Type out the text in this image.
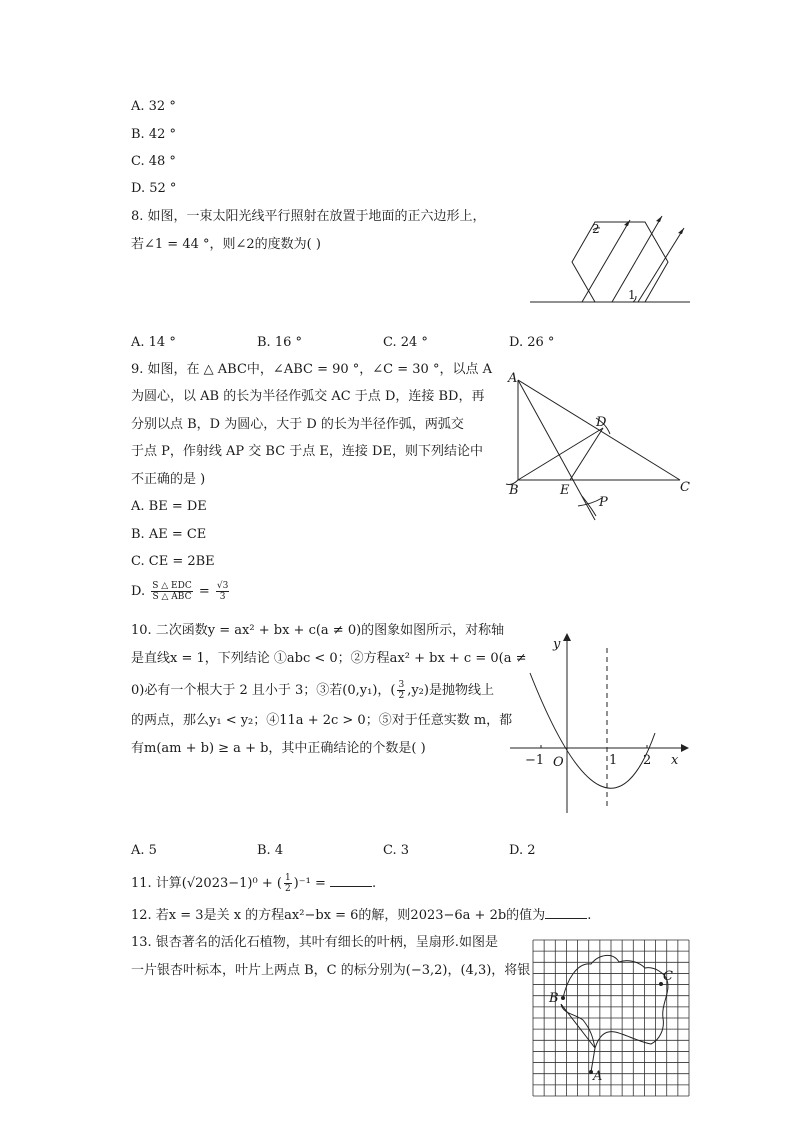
A. 32 °
B. 42 °
C. 48 °
D. 52 °
8. 如图，一束太阳光线平行照射在放置于地面的正六边形上，
若∠1 = 44 °，则∠2的度数为( )
1
2
A. 14 °	B. 16 °	C. 24 °	D. 26 °
9. 如图，在 △ ABC中，∠ABC = 90 °，∠C = 30 °，以点 A
为圆心，以 AB 的长为半径作弧交 AC 于点 D，连接 BD，再
分别以点 B，D 为圆心，大于 D 的长为半径作弧，两弧交
于点 P，作射线 AP 交 BC 于点 E，连接 DE，则下列结论中
不正确的是 )
A
B	C
D
E
P
A. BE = DE
B. AE = CE
C. CE = 2BE
D. $\frac{\text{S △ EDC}}{\text{S △ ABC}} = \frac{√3}{3}$
10. 二次函数y = ax² + bx + c(a ≠ 0)的图象如图所示，对称轴
是直线x = 1，下列结论 ①abc < 0；②方程ax² + bx + c = 0(a ≠
0)必有一个根大于 2 且小于 3；③若(0,y₁)，( $\frac{3}{2} ,y_2$)是抛物线上
的两点，那么y₁ < y₂；④11a + 2c > 0；⑤对于任意实数 m，都
有m(am + b) ≥ a + b，其中正确结论的个数是( )
y
x
O
−1	1 2
A. 5	B. 4	C. 3	D. 2
11. 计算(√2023−1)⁰ + ( $\frac{1}{2} )^{-1}$ =	.
12. 若x = 3是关 x 的方程ax²−bx = 6的解，则2023−6a + 2b的值为	.
13. 银杏著名的活化石植物，其叶有细长的叶柄，呈扇形.如图是
一片银杏叶标本，叶片上两点 B，C 的标分别为(−3,2)，(4,3)，将银
B
C
A
